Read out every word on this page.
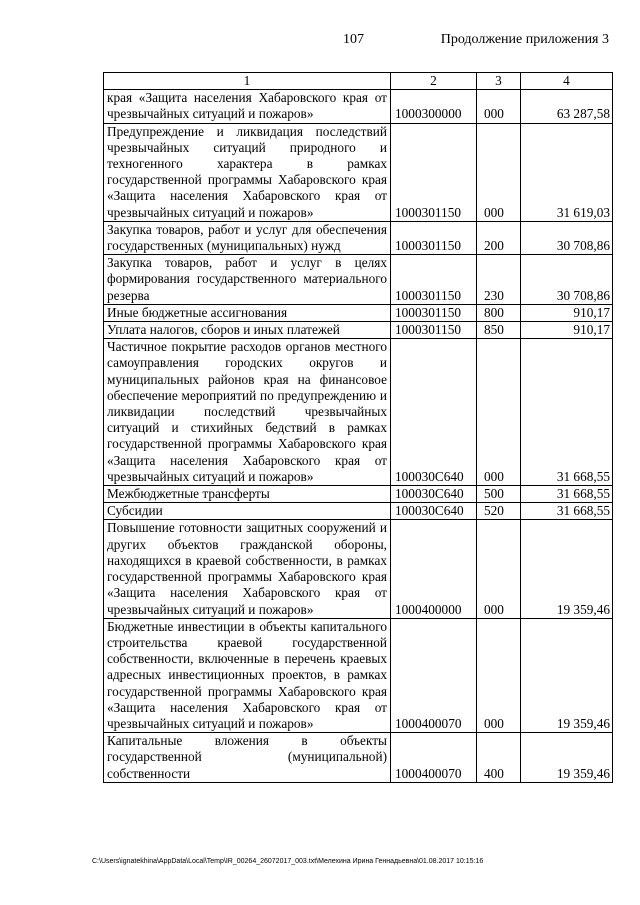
107	Продолжение приложения 3
1	2	3	4
края «Защита населения Хабаровского края от чрезвычайных ситуаций и пожаров»	1000300000	000	63 287,58
Предупреждение и ликвидация последствий чрезвычайных ситуаций природного и техногенного характера в рамках государственной программы Хабаровского края «Защита населения Хабаровского края от чрезвычайных ситуаций и пожаров»	1000301150	000	31 619,03
Закупка товаров, работ и услуг для обеспечения государственных (муниципальных) нужд	1000301150	200	30 708,86
Закупка товаров, работ и услуг в целях формирования государственного материального резерва	1000301150	230	30 708,86
Иные бюджетные ассигнования	1000301150	800	910,17
Уплата налогов, сборов и иных платежей	1000301150	850	910,17
Частичное покрытие расходов органов местного самоуправления городских округов и муниципальных районов края на финансовое обеспечение мероприятий по предупреждению и ликвидации последствий чрезвычайных ситуаций и стихийных бедствий в рамках государственной программы Хабаровского края «Защита населения Хабаровского края от чрезвычайных ситуаций и пожаров»	100030С640	000	31 668,55
Межбюджетные трансферты	100030С640	500	31 668,55
Субсидии	100030С640	520	31 668,55
Повышение готовности защитных сооружений и других объектов гражданской обороны, находящихся в краевой собственности, в рамках государственной программы Хабаровского края «Защита населения Хабаровского края от чрезвычайных ситуаций и пожаров»	1000400000	000	19 359,46
Бюджетные инвестиции в объекты капитального строительства краевой государственной собственности, включенные в перечень краевых адресных инвестиционных проектов, в рамках государственной программы Хабаровского края «Защита населения Хабаровского края от чрезвычайных ситуаций и пожаров»	1000400070	000	19 359,46
Капитальные вложения в объекты государственной (муниципальной) собственности	1000400070	400	19 359,46
C:\Users\ignatekhina\AppData\Local\Temp\IR_00264_26072017_003.txt\Мелехина Ирина Геннадьевна\01.08.2017 10:15:16
